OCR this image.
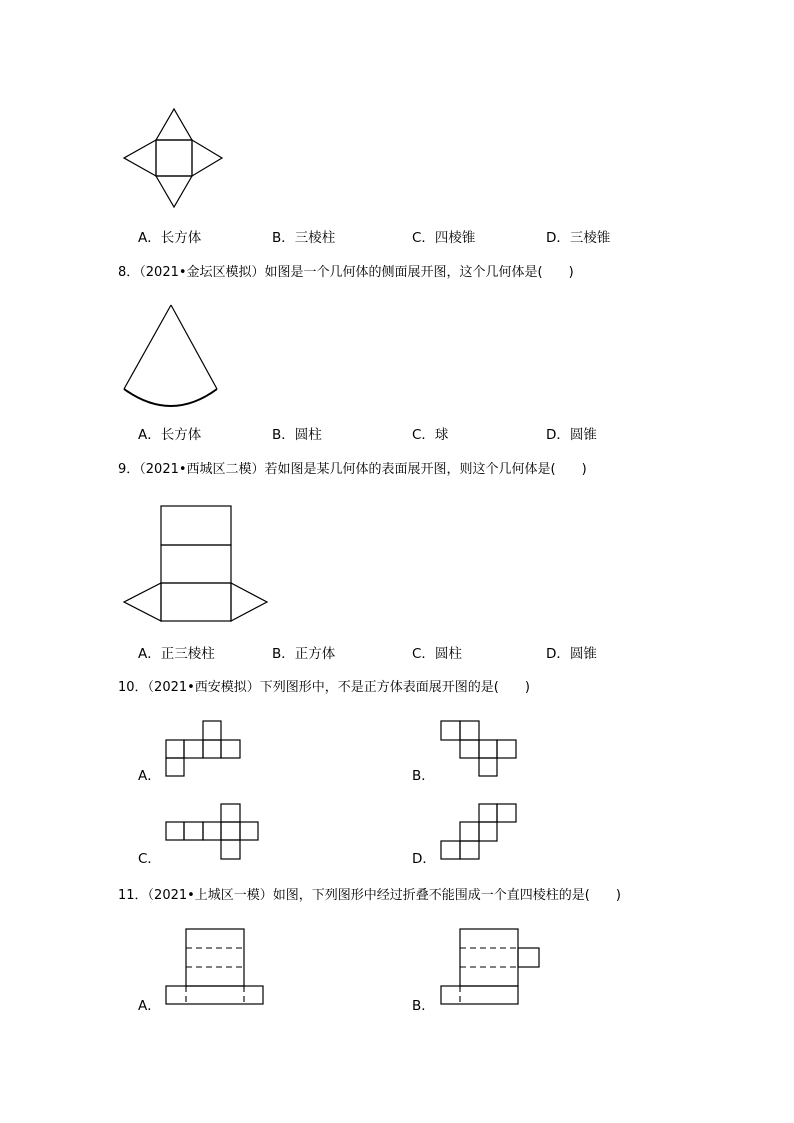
A．长方体	B．三棱柱	C．四棱锥	D．三棱锥
8．（2021•金坛区模拟）如图是一个几何体的侧面展开图，这个几何体是(　　)
A．长方体	B．圆柱	C．球	D．圆锥
9．（2021•西城区二模）若如图是某几何体的表面展开图，则这个几何体是(　　)
A．正三棱柱	B．正方体	C．圆柱	D．圆锥
10．（2021•西安模拟）下列图形中，不是正方体表面展开图的是(　　)
A．	B．
C．	D．
11．（2021•上城区一模）如图，下列图形中经过折叠不能围成一个直四棱柱的是(　　)
A．	B．
